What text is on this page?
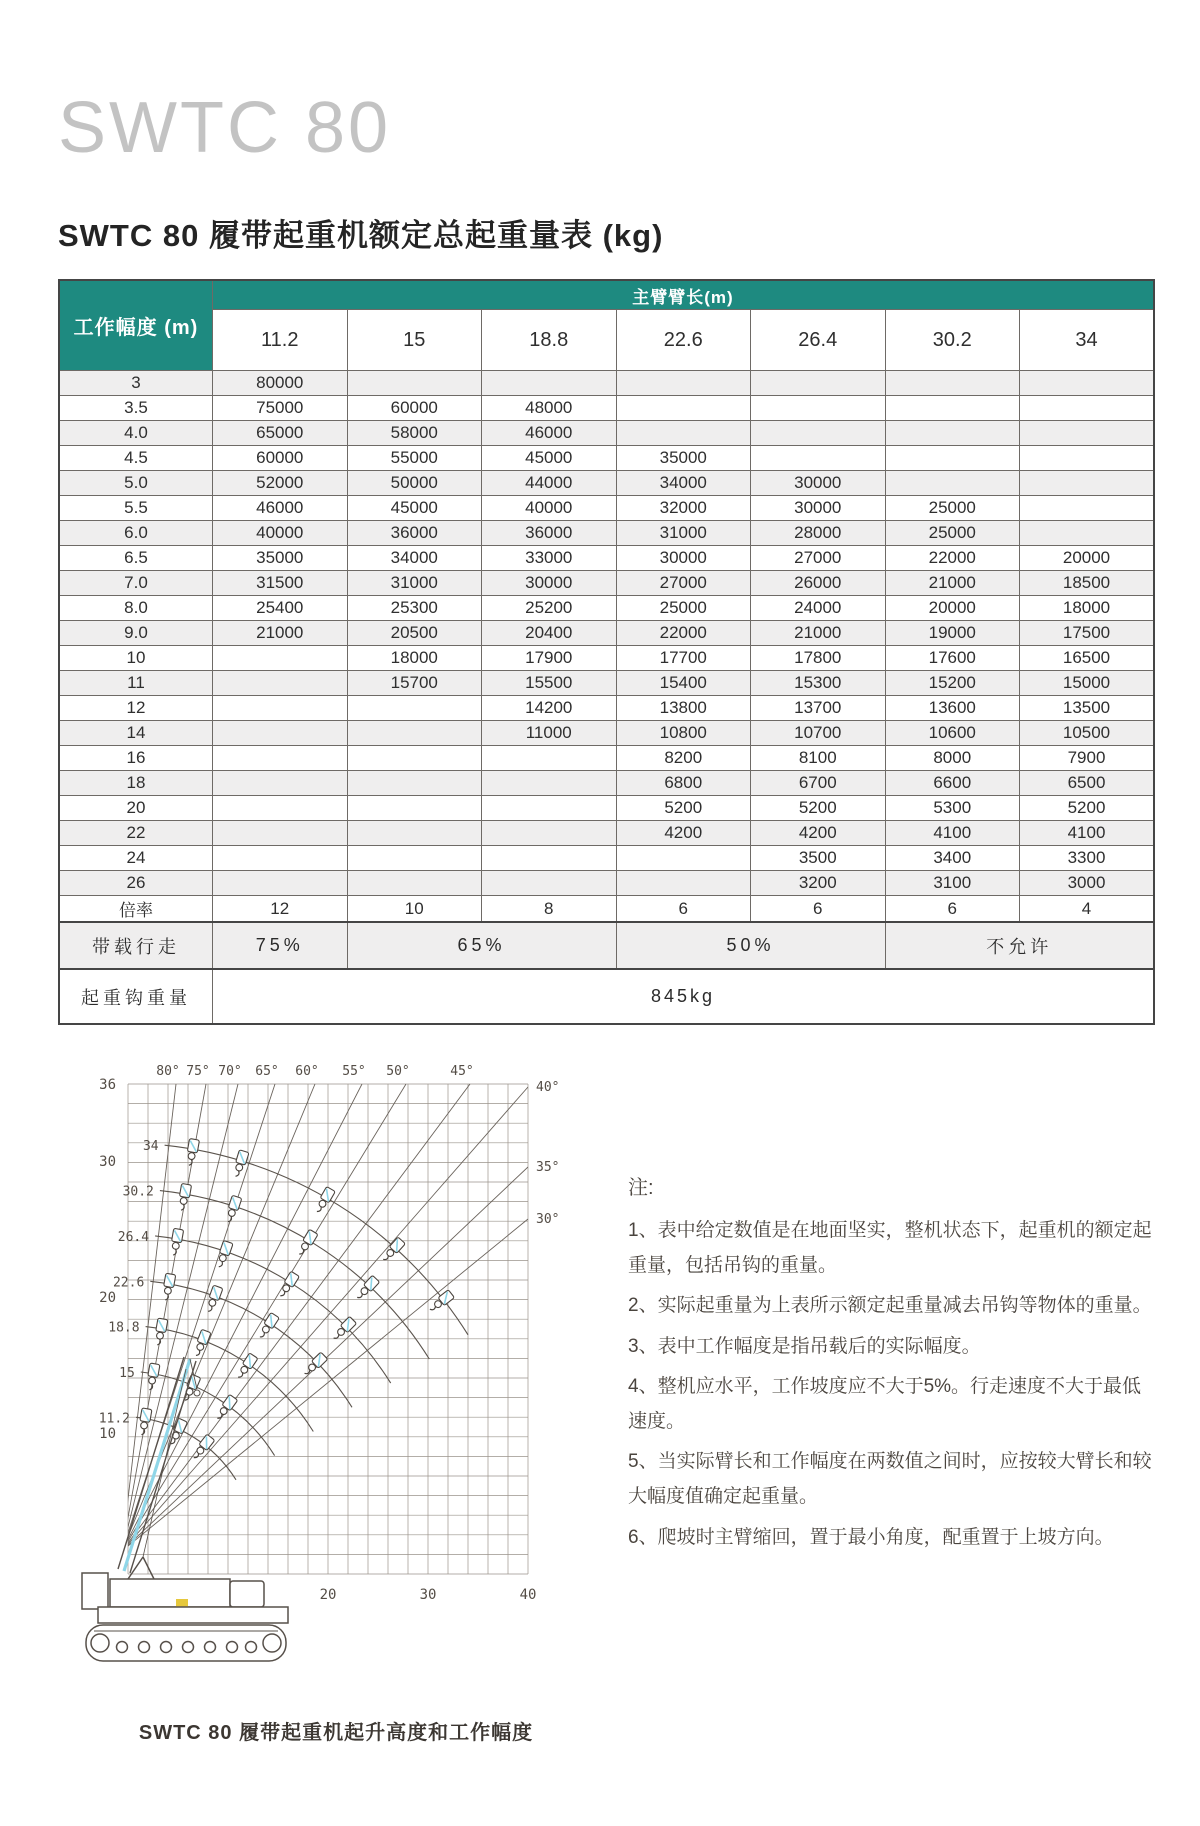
SWTC 80
SWTC 80 履带起重机额定总起重量表 (kg)
工作幅度 (m)	主臂臂长(m)						
	11.2	15	18.8	22.6	26.4	30.2	34
3	80000						
3.5	75000	60000	48000				
4.0	65000	58000	46000				
4.5	60000	55000	45000	35000			
5.0	52000	50000	44000	34000	30000		
5.5	46000	45000	40000	32000	30000	25000	
6.0	40000	36000	36000	31000	28000	25000	
6.5	35000	34000	33000	30000	27000	22000	20000
7.0	31500	31000	30000	27000	26000	21000	18500
8.0	25400	25300	25200	25000	24000	20000	18000
9.0	21000	20500	20400	22000	21000	19000	17500
10		18000	17900	17700	17800	17600	16500
11		15700	15500	15400	15300	15200	15000
12			14200	13800	13700	13600	13500
14			11000	10800	10700	10600	10500
16				8200	8100	8000	7900
18				6800	6700	6600	6500
20				5200	5200	5300	5200
22				4200	4200	4100	4100
24					3500	3400	3300
26					3200	3100	3000
倍率	12	10	8	6	6	6	4
带载行走	75%	65%		50%		不允许	
起重钩重量	845kg						
80° 75° 70° 65° 60° 55° 50°	45°
40°
35°
30°
34
30.2
26.4
22.6
18.8
15
11.2
36
30
20
10
20	30	40
SWTC 80 履带起重机起升高度和工作幅度
注:

1、表中给定数值是在地面坚实，整机状态下，起重机的额定起重量，包括吊钩的重量。

2、实际起重量为上表所示额定起重量减去吊钩等物体的重量。

3、表中工作幅度是指吊载后的实际幅度。

4、整机应水平，工作坡度应不大于5%。行走速度不大于最低速度。

5、当实际臂长和工作幅度在两数值之间时，应按较大臂长和较大幅度值确定起重量。

6、爬坡时主臂缩回，置于最小角度，配重置于上坡方向。
